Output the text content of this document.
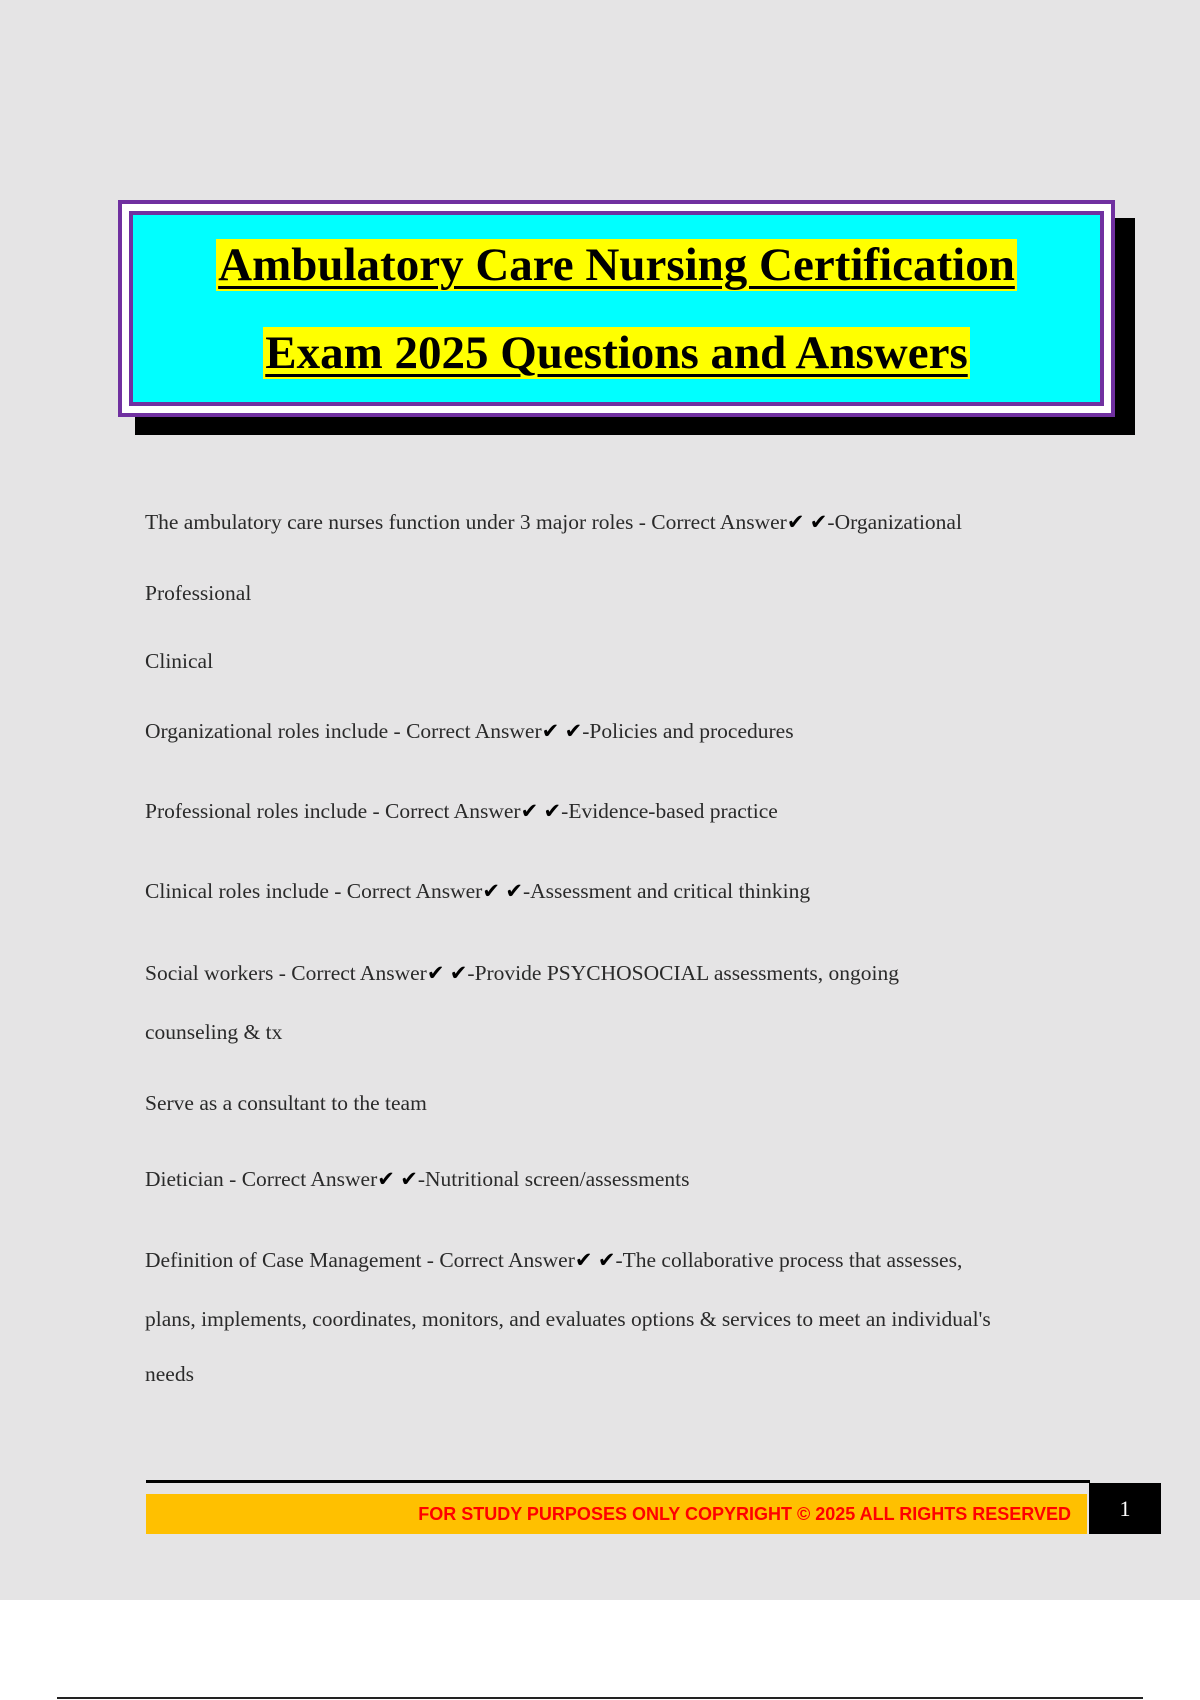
Ambulatory Care Nursing Certification
Exam 2025 Questions and Answers

The ambulatory care nurses function under 3 major roles - Correct Answer✔ ✔-Organizational

Professional

Clinical

Organizational roles include - Correct Answer✔ ✔-Policies and procedures

Professional roles include - Correct Answer✔ ✔-Evidence-based practice

Clinical roles include - Correct Answer✔ ✔-Assessment and critical thinking

Social workers - Correct Answer✔ ✔-Provide PSYCHOSOCIAL assessments, ongoing

counseling & tx

Serve as a consultant to the team

Dietician - Correct Answer✔ ✔-Nutritional screen/assessments

Definition of Case Management - Correct Answer✔ ✔-The collaborative process that assesses,

plans, implements, coordinates, monitors, and evaluates options & services to meet an individual's

needs

FOR STUDY PURPOSES ONLY COPYRIGHT © 2025 ALL RIGHTS RESERVED	1
